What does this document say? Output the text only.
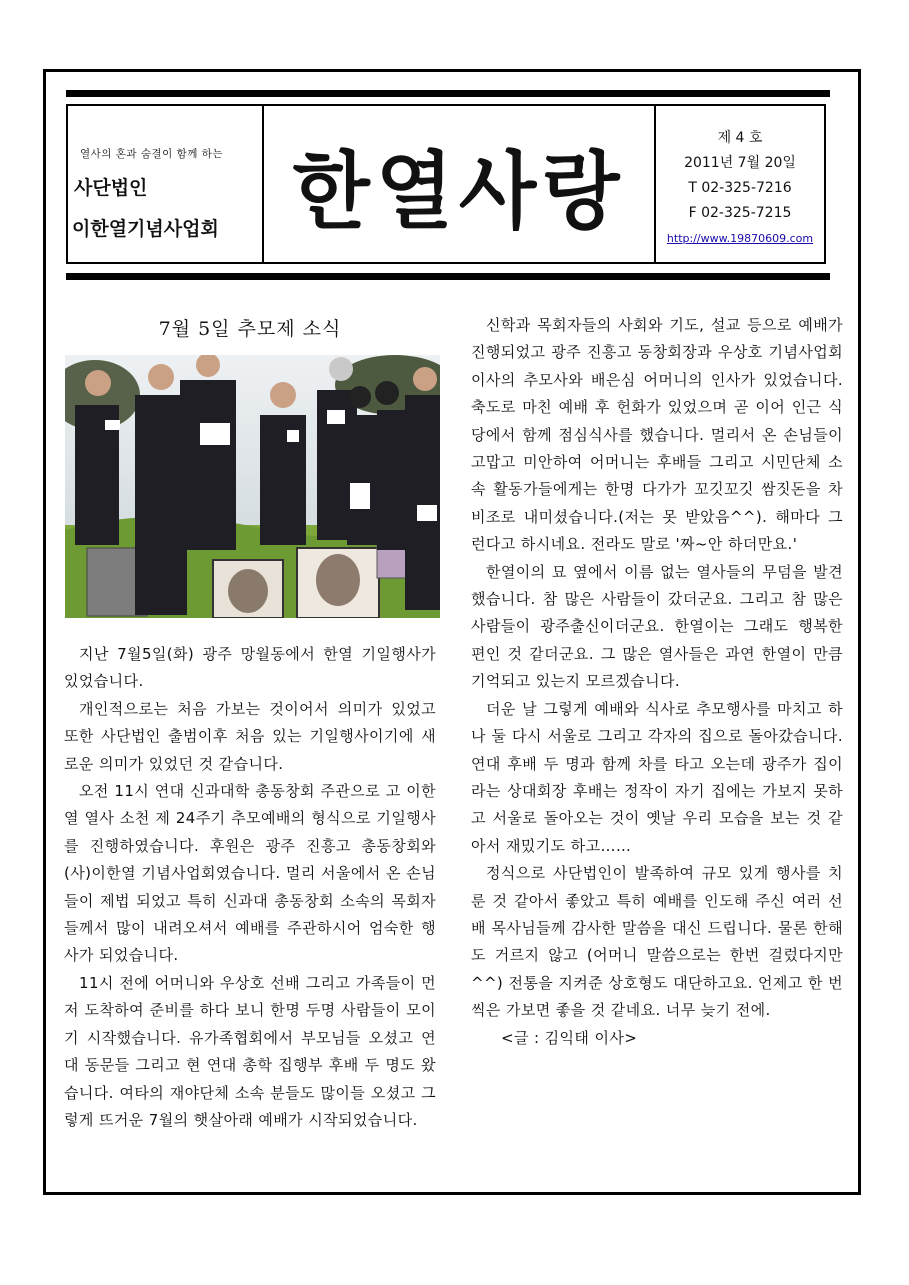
열사의 혼과 숨결이 함께 하는
사단법인
이한열기념사업회 한열사랑
제 4 호
2011년 7월 20일
T 02-325-7216
F 02-325-7215
http://www.19870609.com
7월 5일 추모제 소식

지난 7월5일(화) 광주 망월동에서 한열 기일행사가 있었습니다.

개인적으로는 처음 가보는 것이어서 의미가 있었고 또한 사단법인 출범이후 처음 있는 기일행사이기에 새로운 의미가 있었던 것 같습니다.

오전 11시 연대 신과대학 총동창회 주관으로 고 이한열 열사 소천 제 24주기 추모예배의 형식으로 기일행사를 진행하였습니다. 후원은 광주 진흥고 총동창회와 (사)이한열 기념사업회였습니다. 멀리 서울에서 온 손님들이 제법 되었고 특히 신과대 총동창회 소속의 목회자들께서 많이 내려오셔서 예배를 주관하시어 엄숙한 행사가 되었습니다.

11시 전에 어머니와 우상호 선배 그리고 가족들이 먼저 도착하여 준비를 하다 보니 한명 두명 사람들이 모이기 시작했습니다. 유가족협회에서 부모님들 오셨고 연대 동문들 그리고 현 연대 총학 집행부 후배 두 명도 왔습니다. 여타의 재야단체 소속 분들도 많이들 오셨고 그렇게 뜨거운 7월의 햇살아래 예배가 시작되었습니다.

신학과 목회자들의 사회와 기도, 설교 등으로 예배가 진행되었고 광주 진흥고 동창회장과 우상호 기념사업회 이사의 추모사와 배은심 어머니의 인사가 있었습니다. 축도로 마친 예배 후 헌화가 있었으며 곧 이어 인근 식당에서 함께 점심식사를 했습니다. 멀리서 온 손님들이 고맙고 미안하여 어머니는 후배들 그리고 시민단체 소속 활동가들에게는 한명 다가가 꼬깃꼬깃 쌈짓돈을 차비조로 내미셨습니다.(저는 못 받았음^^). 해마다 그런다고 하시네요. 전라도 말로 '짜~안 하더만요.'

한열이의 묘 옆에서 이름 없는 열사들의 무덤을 발견했습니다. 참 많은 사람들이 갔더군요. 그리고 참 많은 사람들이 광주출신이더군요. 한열이는 그래도 행복한 편인 것 같더군요. 그 많은 열사들은 과연 한열이 만큼 기억되고 있는지 모르겠습니다.

더운 날 그렇게 예배와 식사로 추모행사를 마치고 하나 둘 다시 서울로 그리고 각자의 집으로 돌아갔습니다. 연대 후배 두 명과 함께 차를 타고 오는데 광주가 집이라는 상대회장 후배는 정작이 자기 집에는 가보지 못하고 서울로 돌아오는 것이 옛날 우리 모습을 보는 것 같아서 재밌기도 하고……

정식으로 사단법인이 발족하여 규모 있게 행사를 치룬 것 같아서 좋았고 특히 예배를 인도해 주신 여러 선배 목사님들께 감사한 말씀을 대신 드립니다. 물론 한해도 거르지 않고 (어머니 말씀으로는 한번 걸렀다지만^^) 전통을 지켜준 상호형도 대단하고요. 언제고 한 번씩은 가보면 좋을 것 같네요. 너무 늦기 전에.

<글 : 김익태 이사>
